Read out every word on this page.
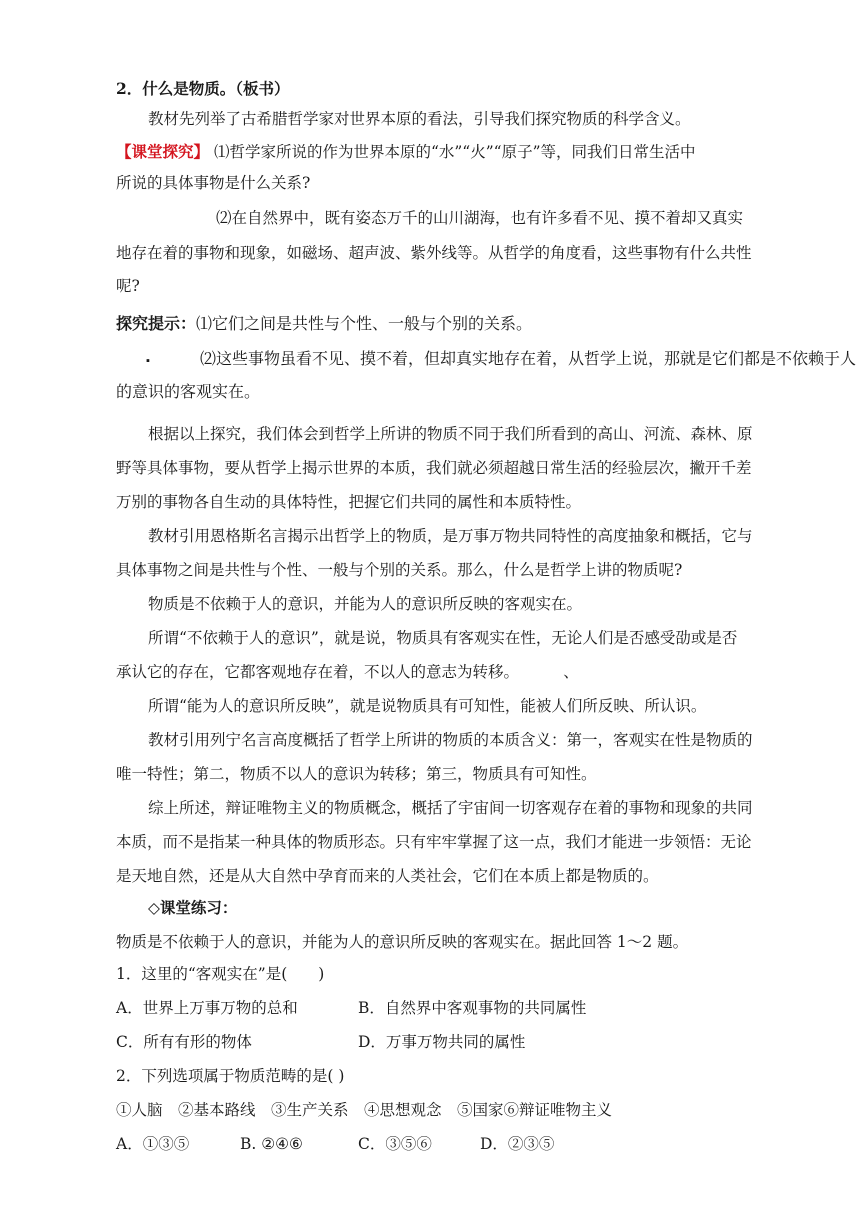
2．什么是物质。（板书）
教材先列举了古希腊哲学家对世界本原的看法，引导我们探究物质的科学含义。
【课堂探究】 ⑴哲学家所说的作为世界本原的“水”“火”“原子”等，同我们日常生活中
所说的具体事物是什么关系?
⑵在自然界中，既有姿态万千的山川湖海，也有许多看不见、摸不着却又真实
地存在着的事物和现象，如磁场、超声波、紫外线等。从哲学的角度看，这些事物有什么共性
呢?
探究提示：⑴它们之间是共性与个性、一般与个别的关系。
.	⑵这些事物虽看不见、摸不着，但却真实地存在着，从哲学上说，那就是它们都是不依赖于人
的意识的客观实在。
根据以上探究，我们体会到哲学上所讲的物质不同于我们所看到的高山、河流、森林、原
野等具体事物，要从哲学上揭示世界的本质，我们就必须超越日常生活的经验层次，撇开千差
万别的事物各自生动的具体特性，把握它们共同的属性和本质特性。
教材引用恩格斯名言揭示出哲学上的物质，是万事万物共同特性的高度抽象和概括，它与
具体事物之间是共性与个性、一般与个别的关系。那么，什么是哲学上讲的物质呢?
物质是不依赖于人的意识，并能为人的意识所反映的客观实在。
所谓“不依赖于人的意识”，就是说，物质具有客观实在性，无论人们是否感受劭或是否
承认它的存在，它都客观地存在着，不以人的意志为转移。	、
所谓“能为人的意识所反映”，就是说物质具有可知性，能被人们所反映、所认识。
教材引用列宁名言高度概括了哲学上所讲的物质的本质含义：第一，客观实在性是物质的
唯一特性；第二，物质不以人的意识为转移；第三，物质具有可知性。
综上所述，辩证唯物主义的物质概念，概括了宇宙间一切客观存在着的事物和现象的共同
本质，而不是指某一种具体的物质形态。只有牢牢掌握了这一点，我们才能进一步领悟：无论
是天地自然，还是从大自然中孕育而来的人类社会，它们在本质上都是物质的。
◇课堂练习：
物质是不依赖于人的意识，并能为人的意识所反映的客观实在。据此回答 1～2 题。
1．这里的“客观实在”是(　　)
A．世界上万事万物的总和	B．自然界中客观事物的共同属性
C．所有有形的物体	D．万事万物共同的属性
2．下列选项属于物质范畴的是( )
①人脑　②基本路线　③生产关系　④思想观念　⑤国家⑥辩证唯物主义
A．①③⑤	B. ②④⑥	C．③⑤⑥	D．②③⑤
